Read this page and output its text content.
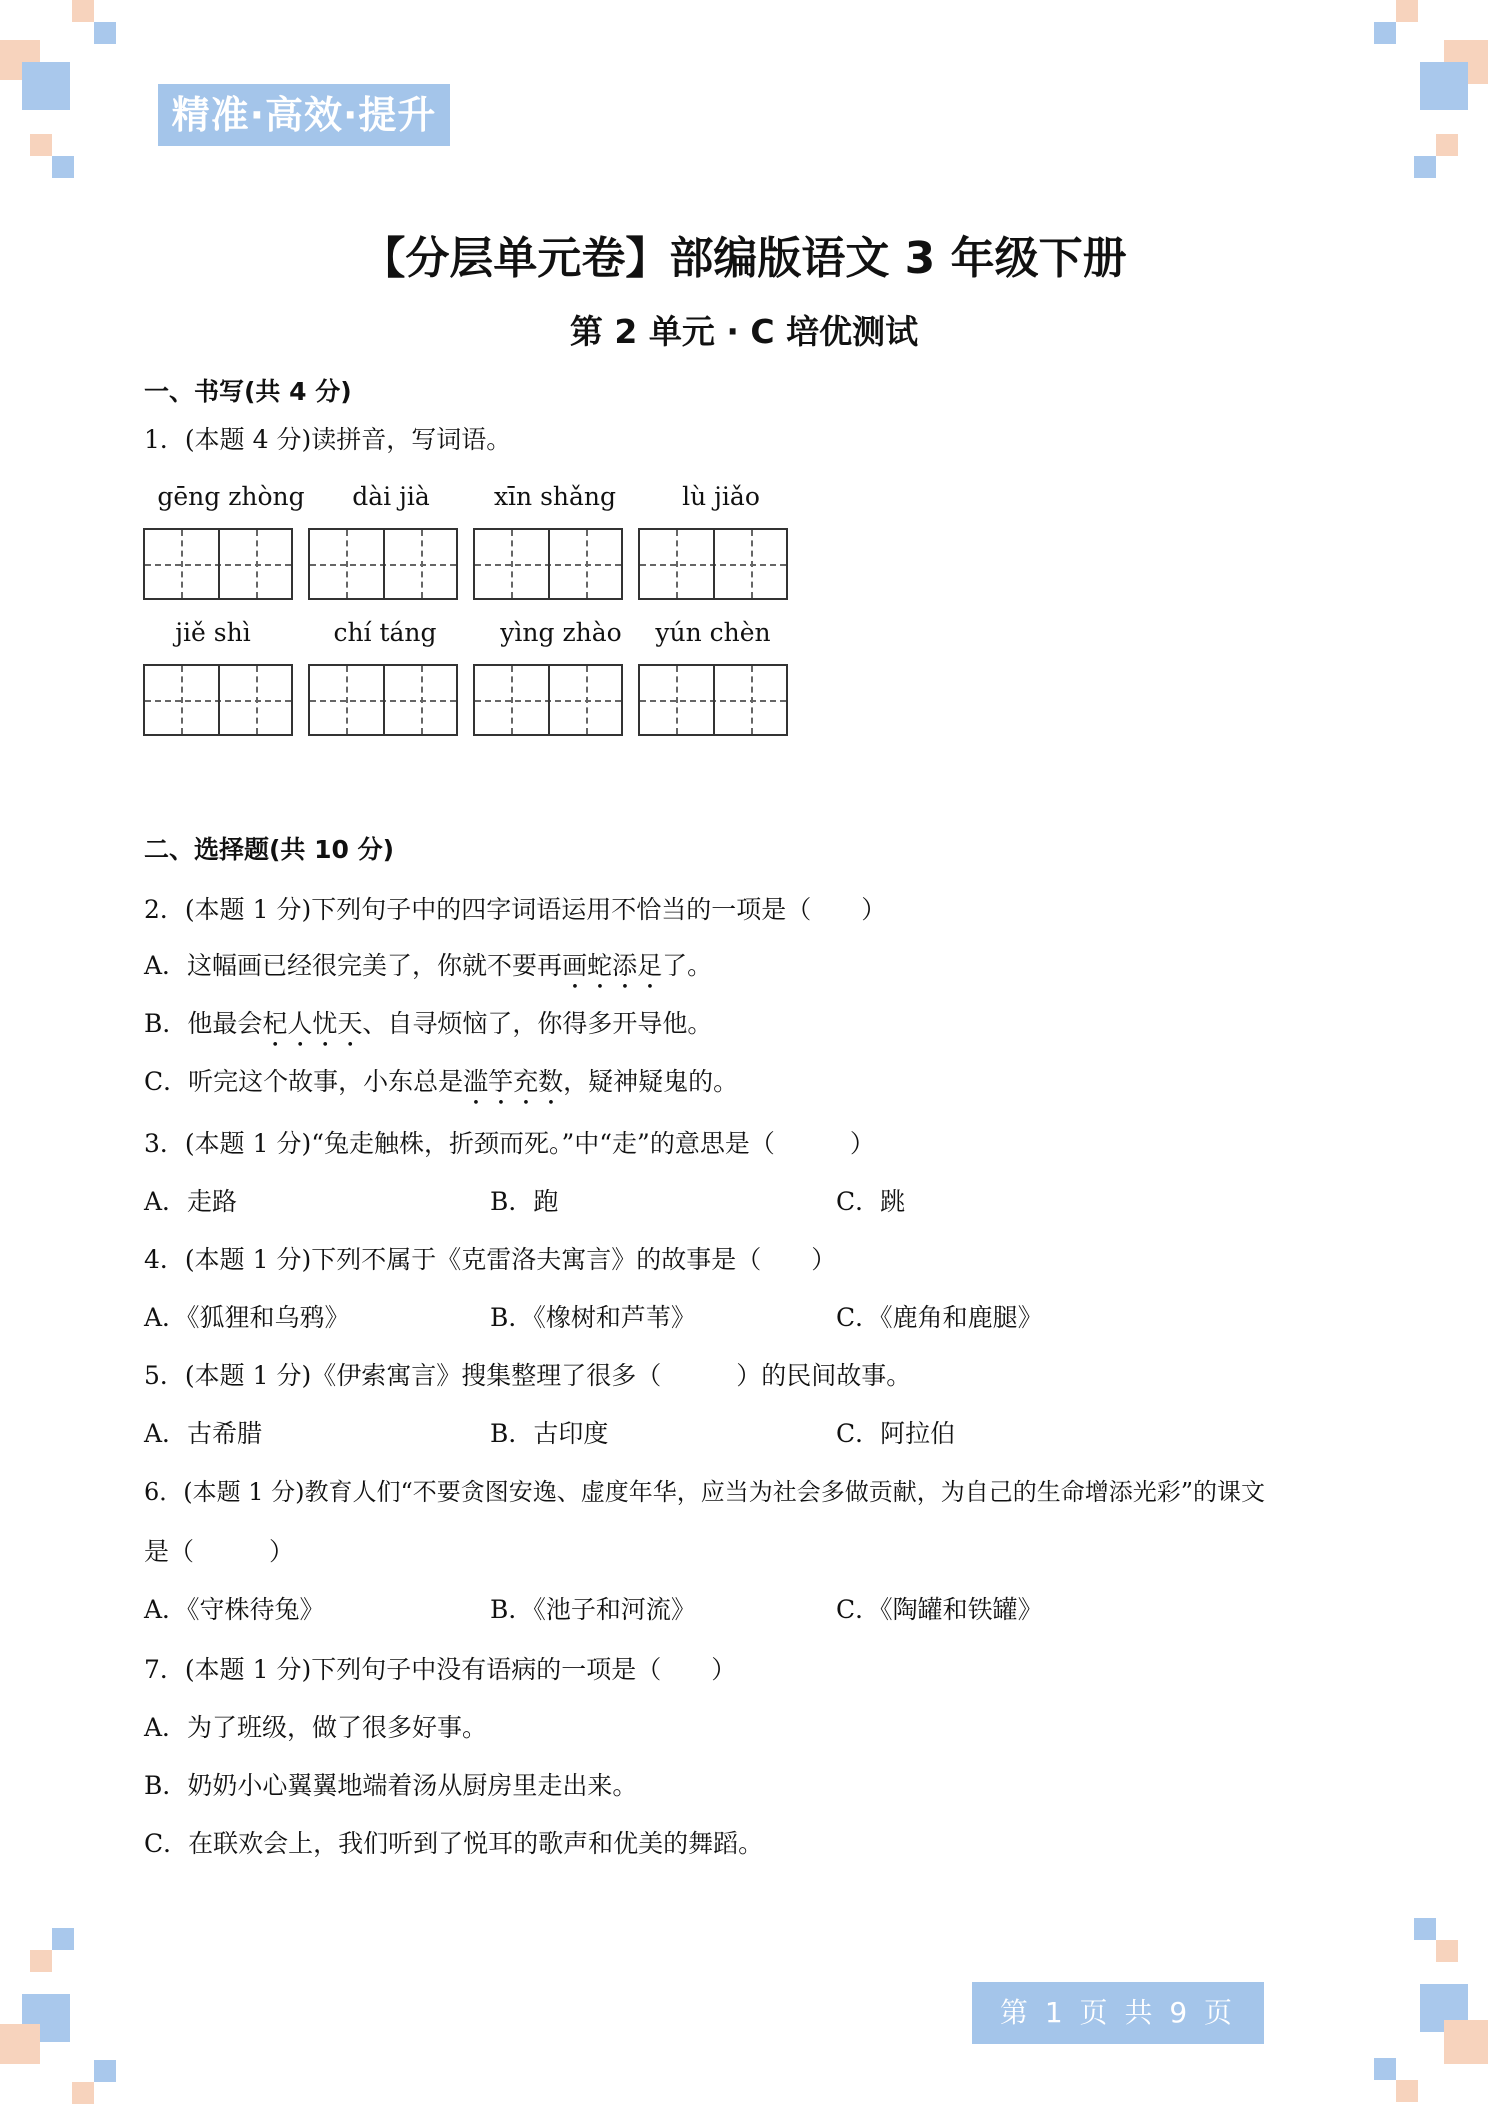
精准·高效·提升
【分层单元卷】部编版语文 3 年级下册
第 2 单元 · C 培优测试
一、书写(共 4 分)
1．(本题 4 分)读拼音，写词语。
gēng zhòng	dài jià	xīn shǎng	lù jiǎo
jiě shì	chí táng	yìng zhào	yún chèn
二、选择题(共 10 分)
2．(本题 1 分)下列句子中的四字词语运用不恰当的一项是（　　）
A．这幅画已经很完美了，你就不要再画蛇添足了。
B．他最会杞人忧天、自寻烦恼了，你得多开导他。
C．听完这个故事，小东总是滥竽充数，疑神疑鬼的。
3．(本题 1 分)“兔走触株，折颈而死。”中“走”的意思是（　　　）
A．走路	B．跑	C．跳
4．(本题 1 分)下列不属于《克雷洛夫寓言》的故事是（　　）
A．《狐狸和乌鸦》	B．《橡树和芦苇》	C．《鹿角和鹿腿》
5．(本题 1 分)《伊索寓言》搜集整理了很多（　　　）的民间故事。
A．古希腊	B．古印度	C．阿拉伯
6．(本题 1 分)教育人们“不要贪图安逸、虚度年华，应当为社会多做贡献，为自己的生命增添光彩”的课文
是（　　　）
A．《守株待兔》	B．《池子和河流》	C．《陶罐和铁罐》
7．(本题 1 分)下列句子中没有语病的一项是（　　）
A．为了班级，做了很多好事。
B．奶奶小心翼翼地端着汤从厨房里走出来。
C．在联欢会上，我们听到了悦耳的歌声和优美的舞蹈。
第 1 页 共 9 页
